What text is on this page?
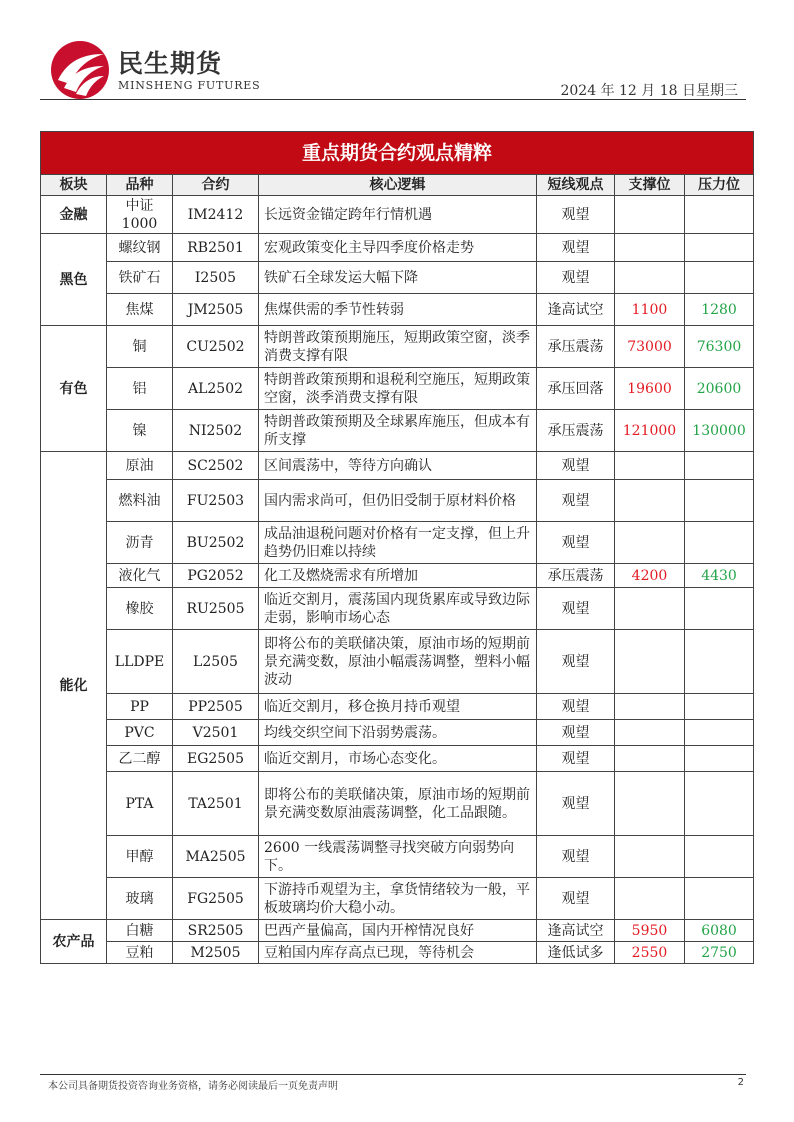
民生期货
MINSHENG FUTURES	2024 年 12 月 18 日星期三
重点期货合约观点精粹						
板块	品种	合约	核心逻辑	短线观点	支撑位	压力位
金融	中证1000	IM2412	长远资金锚定跨年行情机遇	观望		
黑色	螺纹钢	RB2501	宏观政策变化主导四季度价格走势	观望		
	铁矿石	I2505	铁矿石全球发运大幅下降	观望		
	焦煤	JM2505	焦煤供需的季节性转弱	逢高试空	1100	1280
有色	铜	CU2502	特朗普政策预期施压，短期政策空窗，淡季消费支撑有限	承压震荡	73000	76300
	铝	AL2502	特朗普政策预期和退税利空施压，短期政策空窗，淡季消费支撑有限	承压回落	19600	20600
	镍	NI2502	特朗普政策预期及全球累库施压，但成本有所支撑	承压震荡	121000	130000
能化	原油	SC2502	区间震荡中，等待方向确认	观望		
	燃料油	FU2503	国内需求尚可，但仍旧受制于原材料价格	观望		
	沥青	BU2502	成品油退税问题对价格有一定支撑，但上升趋势仍旧难以持续	观望		
	液化气	PG2052	化工及燃烧需求有所增加	承压震荡	4200	4430
	橡胶	RU2505	临近交割月，震荡国内现货累库或导致边际走弱，影响市场心态	观望		
	LLDPE	L2505	即将公布的美联储决策，原油市场的短期前景充满变数，原油小幅震荡调整，塑料小幅波动	观望		
	PP	PP2505	临近交割月，移仓换月持币观望	观望		
	PVC	V2501	均线交织空间下沿弱势震荡。	观望		
	乙二醇	EG2505	临近交割月，市场心态变化。	观望		
	PTA	TA2501	即将公布的美联储决策，原油市场的短期前景充满变数原油震荡调整，化工品跟随。	观望		
	甲醇	MA2505	2600 一线震荡调整寻找突破方向弱势向下。	观望		
	玻璃	FG2505	下游持币观望为主，拿货情绪较为一般，平板玻璃均价大稳小动。	观望		
农产品	白糖	SR2505	巴西产量偏高，国内开榨情况良好	逢高试空	5950	6080
	豆粕	M2505	豆粕国内库存高点已现，等待机会	逢低试多	2550	2750
本公司具备期货投资咨询业务资格，请务必阅读最后一页免责声明	2
